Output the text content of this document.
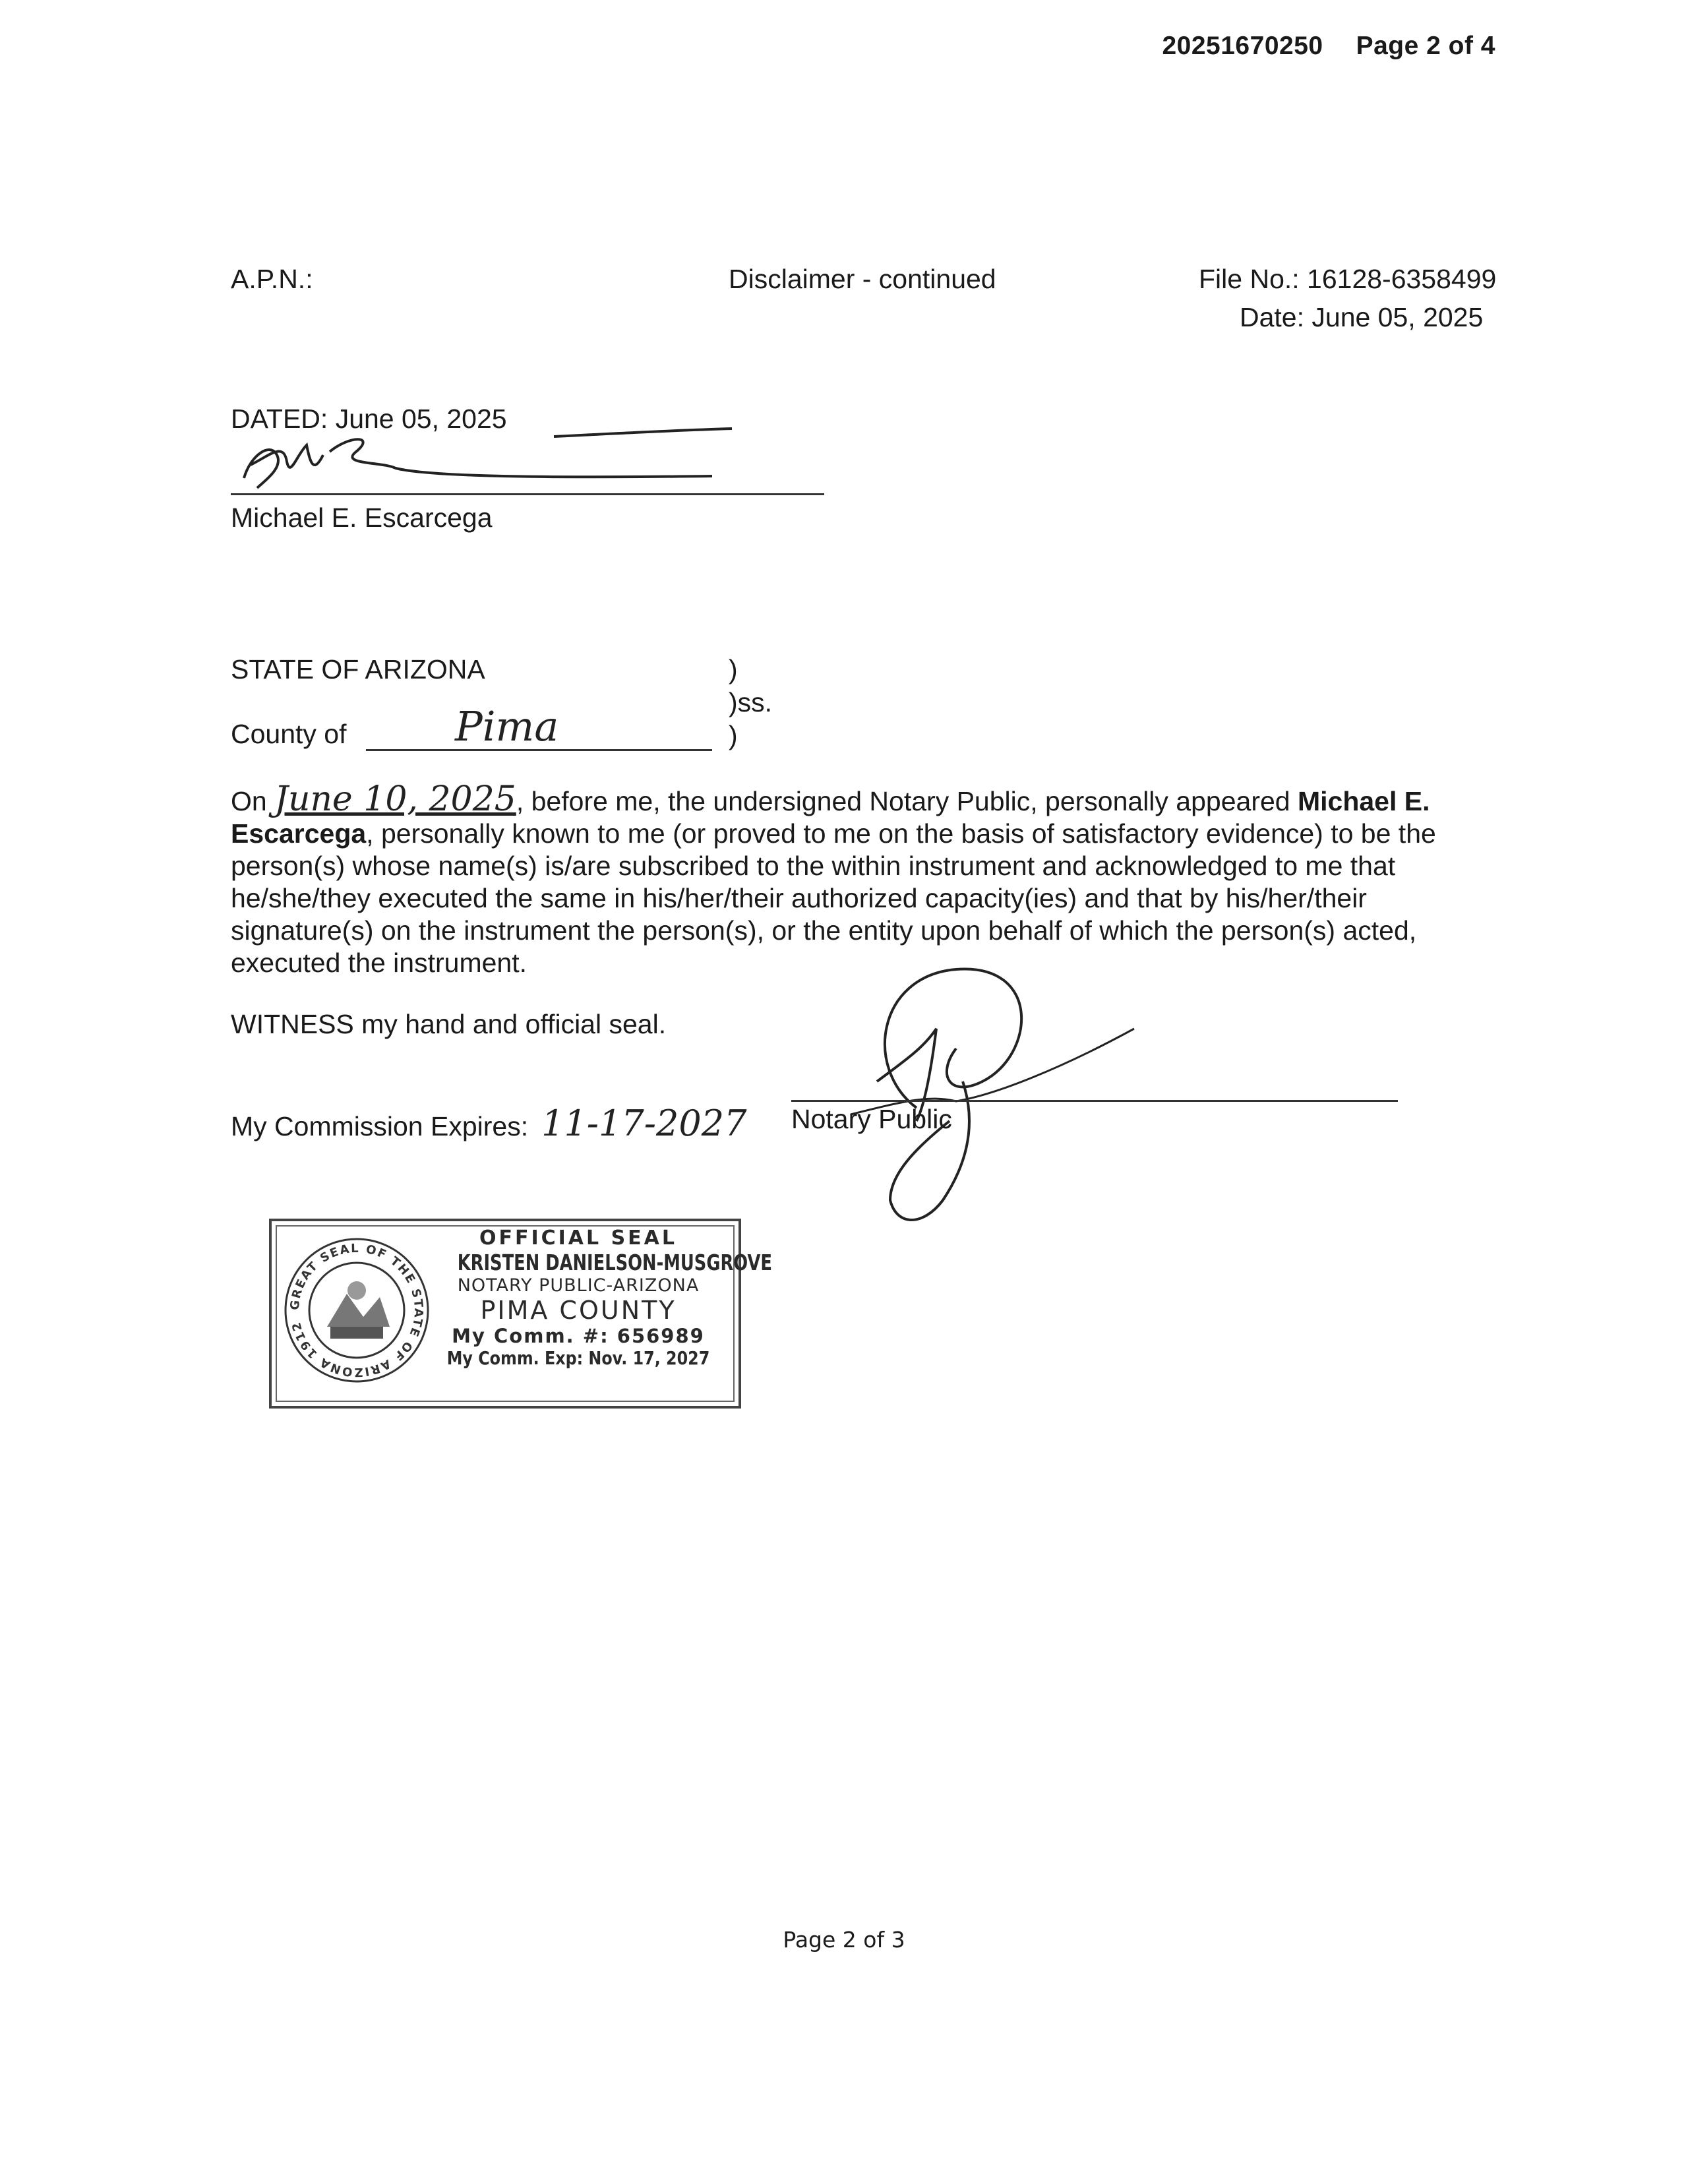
20251670250 Page 2 of 4
A.P.N.:	Disclaimer - continued	File No.: 16128-6358499
Date: June 05, 2025
DATED: June 05, 2025
Michael E. Escarcega
STATE OF ARIZONA	)
)ss.
)
County of	Pima
On June 10, 2025, before me, the undersigned Notary Public, personally appeared Michael E. Escarcega, personally known to me (or proved to me on the basis of satisfactory evidence) to be the person(s) whose name(s) is/are subscribed to the within instrument and acknowledged to me that he/she/they executed the same in his/her/their authorized capacity(ies) and that by his/her/their signature(s) on the instrument the person(s), or the entity upon behalf of which the person(s) acted, executed the instrument.
WITNESS my hand and official seal.
My Commission Expires: 11-17-2027 Notary Public
GREAT SEAL OF THE STATE OF ARIZONA 1912
OFFICIAL SEAL
KRISTEN DANIELSON-MUSGROVE
NOTARY PUBLIC-ARIZONA
PIMA COUNTY
My Comm. #: 656989
My Comm. Exp: Nov. 17, 2027
Page 2 of 3
